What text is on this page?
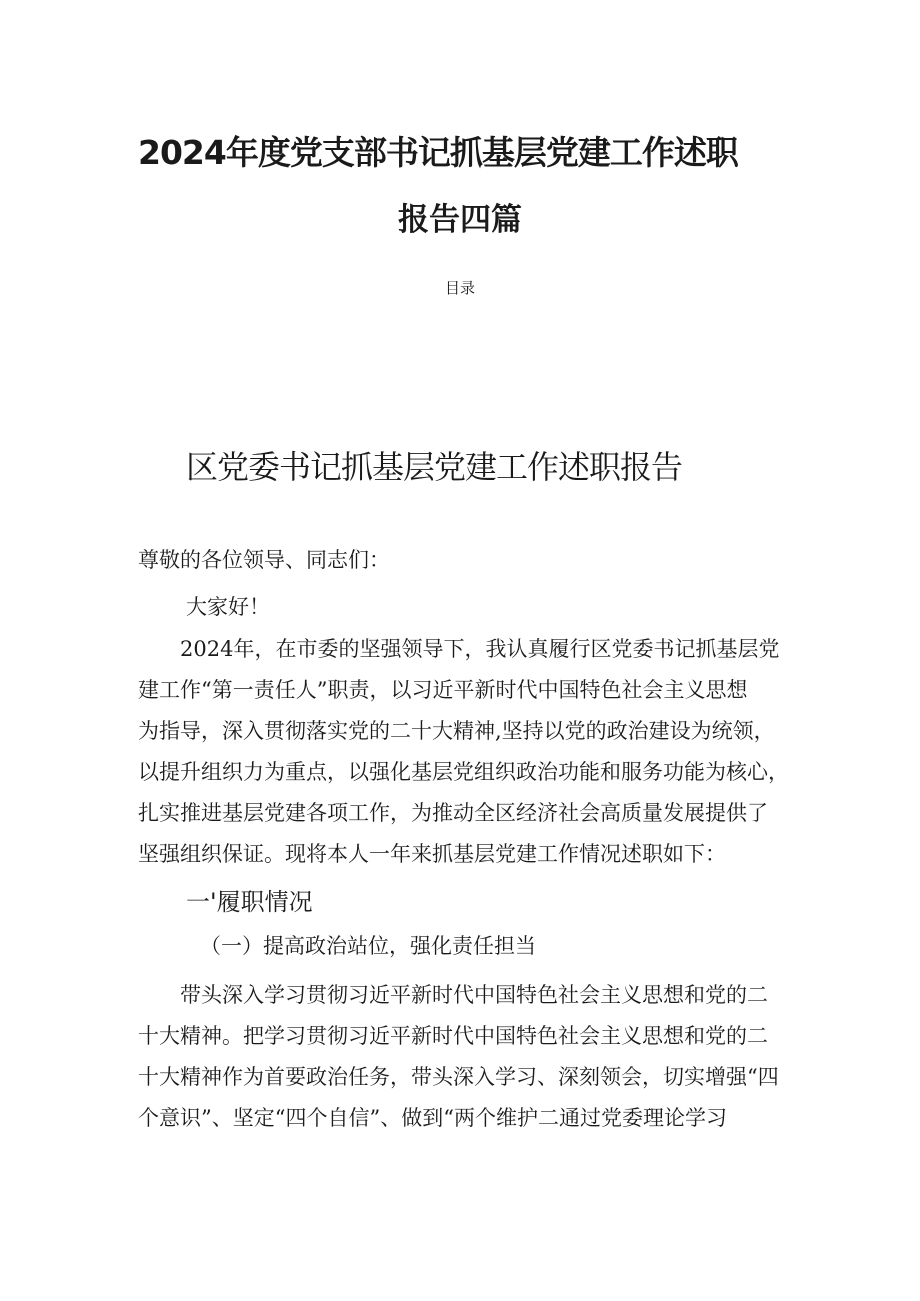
2024年度党支部书记抓基层党建工作述职
报告四篇
目录
区党委书记抓基层党建工作述职报告
尊敬的各位领导、同志们：
大家好！
　　2024年，在市委的坚强领导下，我认真履行区党委书记抓基层党
建工作“第一责任人”职责，以习近平新时代中国特色社会主义思想
为指导，深入贯彻落实党的二十大精神,坚持以党的政治建设为统领，
以提升组织力为重点，以强化基层党组织政治功能和服务功能为核心，
扎实推进基层党建各项工作，为推动全区经济社会高质量发展提供了
坚强组织保证。现将本人一年来抓基层党建工作情况述职如下：
一'履职情况
（一）提高政治站位，强化责任担当
　　带头深入学习贯彻习近平新时代中国特色社会主义思想和党的二
十大精神。把学习贯彻习近平新时代中国特色社会主义思想和党的二
十大精神作为首要政治任务，带头深入学习、深刻领会，切实增强“四
个意识”、坚定“四个自信”、做到“两个维护二通过党委理论学习
